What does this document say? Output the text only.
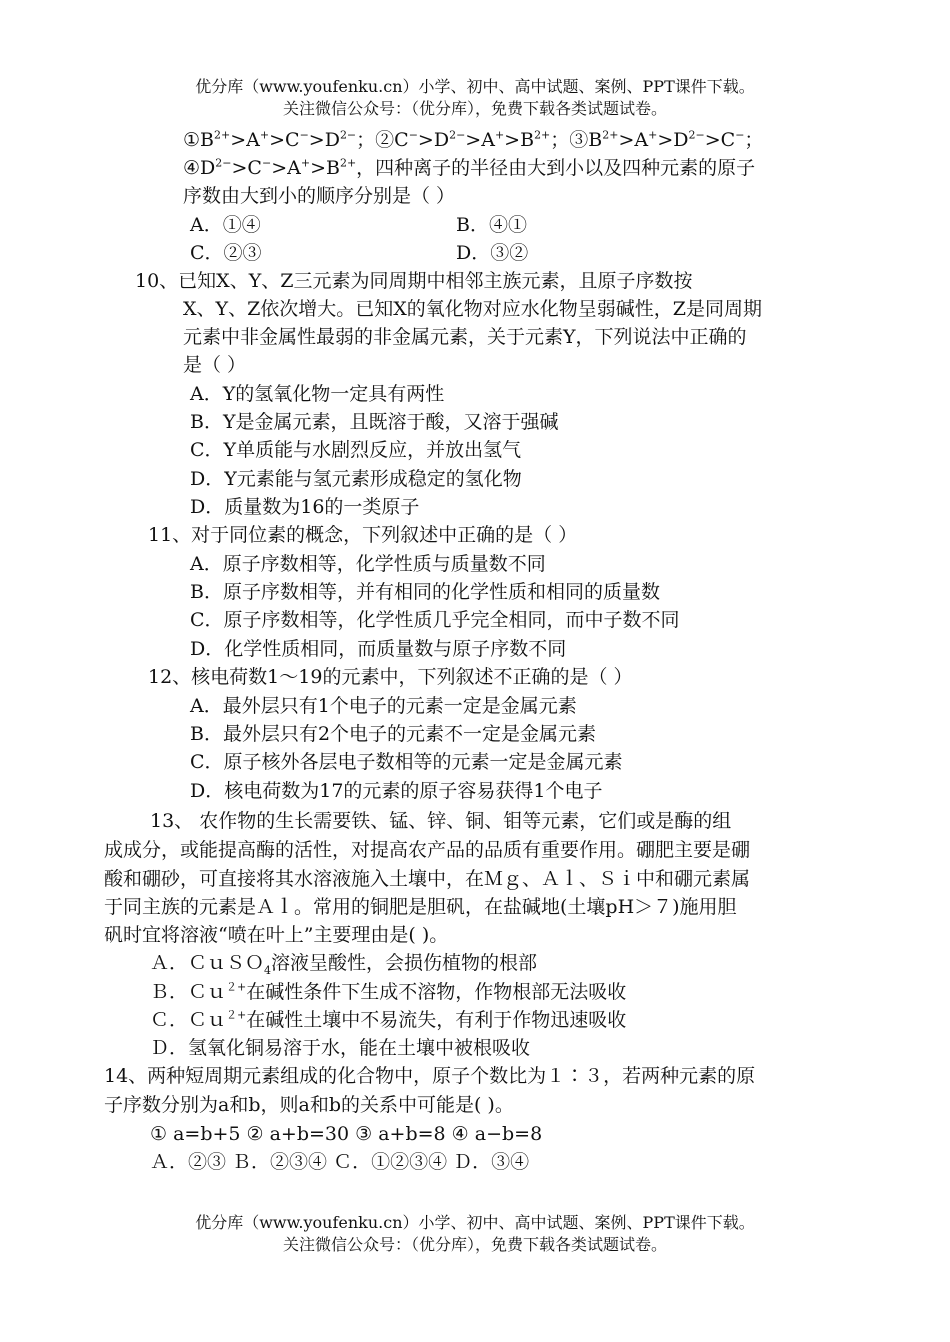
优分库（www.youfenku.cn）小学、初中、高中试题、案例、PPT课件下载。
关注微信公众号：（优分库），免费下载各类试题试卷。
$①B^{2+}>A^+>C^->D^{2-}$；$②C^->D^{2-}>A^+>B^{2+}$；$③B^{2+}>A^+>D^{2-}>C^-$；
$④D^{2-}>C^->A^+>B^{2+}$，四种离子的半径由大到小以及四种元素的原子
序数由大到小的顺序分别是（ ）
A．①④	B．④①
C．②③	D．③②
10、已知X、Y、Z三元素为同周期中相邻主族元素，且原子序数按
X、Y、Z依次增大。已知X的氧化物对应水化物呈弱碱性，Z是同周期
元素中非金属性最弱的非金属元素，关于元素Y，下列说法中正确的
是（ ）
A．Y的氢氧化物一定具有两性
B．Y是金属元素，且既溶于酸，又溶于强碱
C．Y单质能与水剧烈反应，并放出氢气
D．Y元素能与氢元素形成稳定的氢化物
D．质量数为16的一类原子
11、对于同位素的概念，下列叙述中正确的是（ ）
A．原子序数相等，化学性质与质量数不同
B．原子序数相等，并有相同的化学性质和相同的质量数
C．原子序数相等，化学性质几乎完全相同，而中子数不同
D．化学性质相同，而质量数与原子序数不同
12、核电荷数1～19的元素中，下列叙述不正确的是（ ）
A．最外层只有1个电子的元素一定是金属元素
B．最外层只有2个电子的元素不一定是金属元素
C．原子核外各层电子数相等的元素一定是金属元素
D．核电荷数为17的元素的原子容易获得1个电子
13、 农作物的生长需要铁、锰、锌、铜、钼等元素，它们或是酶的组
成成分，或能提高酶的活性，对提高农产品的品质有重要作用。硼肥主要是硼
酸和硼砂，可直接将其水溶液施入土壤中，在Ｍｇ、Ａｌ、Ｓｉ中和硼元素属
于同主族的元素是Ａｌ。常用的铜肥是胆矾，在盐碱地(土壤pH＞７)施用胆
矾时宜将溶液“喷在叶上”主要理由是( )。
Ａ．ＣｕＳＯ$_4$溶液呈酸性，会损伤植物的根部
Ｂ．Ｃｕ$^{2+}$在碱性条件下生成不溶物，作物根部无法吸收
Ｃ．Ｃｕ$^{2+}$在碱性土壤中不易流失，有利于作物迅速吸收
Ｄ．氢氧化铜易溶于水，能在土壤中被根吸收
14、两种短周期元素组成的化合物中，原子个数比为１∶３，若两种元素的原
子序数分别为a和b，则a和b的关系中可能是( )。
① a=b+5 ② a+b=30 ③ a+b=8 ④ a−b=8
Ａ．②③ Ｂ．②③④ Ｃ．①②③④ Ｄ．③④
优分库（www.youfenku.cn）小学、初中、高中试题、案例、PPT课件下载。
关注微信公众号：（优分库），免费下载各类试题试卷。
